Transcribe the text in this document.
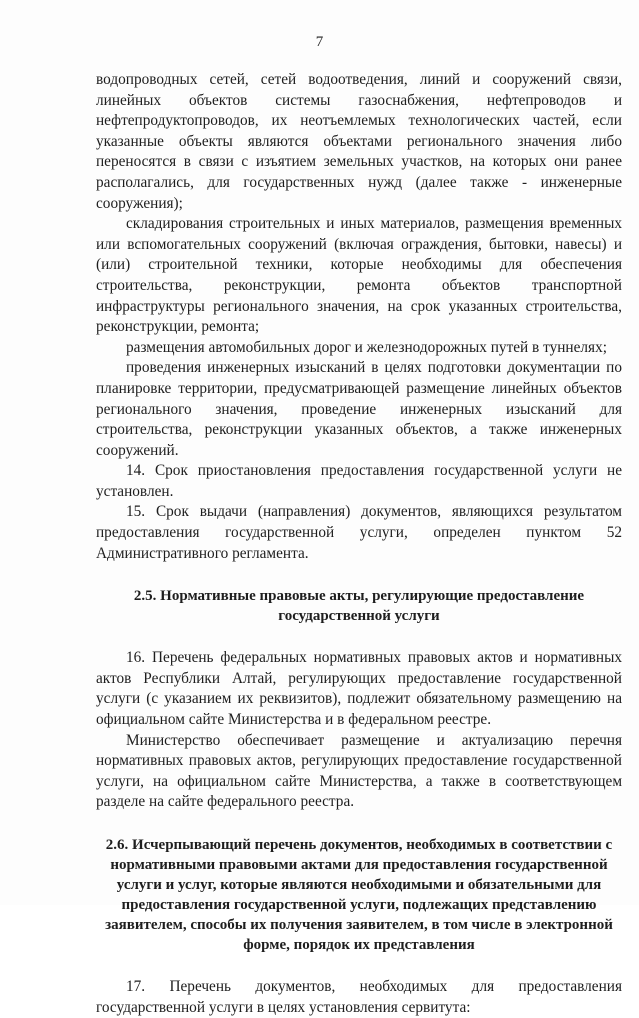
7

водопроводных сетей, сетей водоотведения, линий и сооружений связи, линейных объектов системы газоснабжения, нефтепроводов и нефтепродуктопроводов, их неотъемлемых технологических частей, если указанные объекты являются объектами регионального значения либо переносятся в связи с изъятием земельных участков, на которых они ранее располагались, для государственных нужд (далее также - инженерные сооружения);

складирования строительных и иных материалов, размещения временных или вспомогательных сооружений (включая ограждения, бытовки, навесы) и (или) строительной техники, которые необходимы для обеспечения строительства, реконструкции, ремонта объектов транспортной инфраструктуры регионального значения, на срок указанных строительства, реконструкции, ремонта;

размещения автомобильных дорог и железнодорожных путей в туннелях;

проведения инженерных изысканий в целях подготовки документации по планировке территории, предусматривающей размещение линейных объектов регионального значения, проведение инженерных изысканий для строительства, реконструкции указанных объектов, а также инженерных сооружений.

14. Срок приостановления предоставления государственной услуги не установлен.

15. Срок выдачи (направления) документов, являющихся результатом предоставления государственной услуги, определен пунктом 52 Административного регламента.

2.5. Нормативные правовые акты, регулирующие предоставление государственной услуги

16. Перечень федеральных нормативных правовых актов и нормативных актов Республики Алтай, регулирующих предоставление государственной услуги (с указанием их реквизитов), подлежит обязательному размещению на официальном сайте Министерства и в федеральном реестре.

Министерство обеспечивает размещение и актуализацию перечня нормативных правовых актов, регулирующих предоставление государственной услуги, на официальном сайте Министерства, а также в соответствующем разделе на сайте федерального реестра.

2.6. Исчерпывающий перечень документов, необходимых в соответствии с нормативными правовыми актами для предоставления государственной услуги и услуг, которые являются необходимыми и обязательными для предоставления государственной услуги, подлежащих представлению заявителем, способы их получения заявителем, в том числе в электронной форме, порядок их представления

17. Перечень документов, необходимых для предоставления государственной услуги в целях установления сервитута:
